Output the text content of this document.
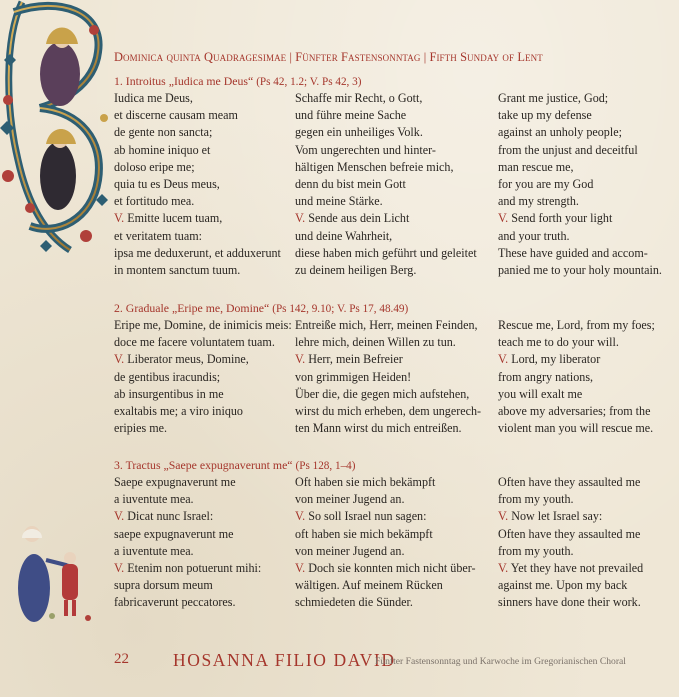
Dominica quinta Quadragesimae | Fünfter Fastensonntag | Fifth Sunday of Lent
1. Introitus „Iudica me Deus“ (Ps 42, 1.2; V. Ps 42, 3)
Iudica me Deus,
et discerne causam meam
de gente non sancta;
ab homine iniquo et
doloso eripe me;
quia tu es Deus meus,
et fortitudo mea.
V. Emitte lucem tuam,
et veritatem tuam:
ipsa me deduxerunt, et adduxerunt
in montem sanctum tuum.
Schaffe mir Recht, o Gott,
und führe meine Sache
gegen ein unheiliges Volk.
Vom ungerechten und hinter-
hältigen Menschen befreie mich,
denn du bist mein Gott
und meine Stärke.
V. Sende aus dein Licht
und deine Wahrheit,
diese haben mich geführt und geleitet
zu deinem heiligen Berg.
Grant me justice, God;
take up my defense
against an unholy people;
from the unjust and deceitful
man rescue me,
for you are my God
and my strength.
V. Send forth your light
and your truth.
These have guided and accom-
panied me to your holy mountain.
2. Graduale „Eripe me, Domine“ (Ps 142, 9.10; V. Ps 17, 48.49)
Eripe me, Domine, de inimicis meis:
doce me facere voluntatem tuam.
V. Liberator meus, Domine,
de gentibus iracundis;
ab insurgentibus in me
exaltabis me; a viro iniquo
eripies me.
Entreiße mich, Herr, meinen Feinden,
lehre mich, deinen Willen zu tun.
V. Herr, mein Befreier
von grimmigen Heiden!
Über die, die gegen mich aufstehen,
wirst du mich erheben, dem ungerech-
ten Mann wirst du mich entreißen.
Rescue me, Lord, from my foes;
teach me to do your will.
V. Lord, my liberator
from angry nations,
you will exalt me
above my adversaries; from the
violent man you will rescue me.
3. Tractus „Saepe expugnaverunt me“ (Ps 128, 1–4)
Saepe expugnaverunt me
a iuventute mea.
V. Dicat nunc Israel:
saepe expugnaverunt me
a iuventute mea.
V. Etenim non potuerunt mihi:
supra dorsum meum
fabricaverunt peccatores.
Oft haben sie mich bekämpft
von meiner Jugend an.
V. So soll Israel nun sagen:
oft haben sie mich bekämpft
von meiner Jugend an.
V. Doch sie konnten mich nicht über-
wältigen. Auf meinem Rücken
schmiedeten die Sünder.
Often have they assaulted me
from my youth.
V. Now let Israel say:
Often have they assaulted me
from my youth.
V. Yet they have not prevailed
against me. Upon my back
sinners have done their work.
22	HOSANNA FILIO DAVID
Fünfter Fastensonntag und Karwoche im Gregorianischen Choral
